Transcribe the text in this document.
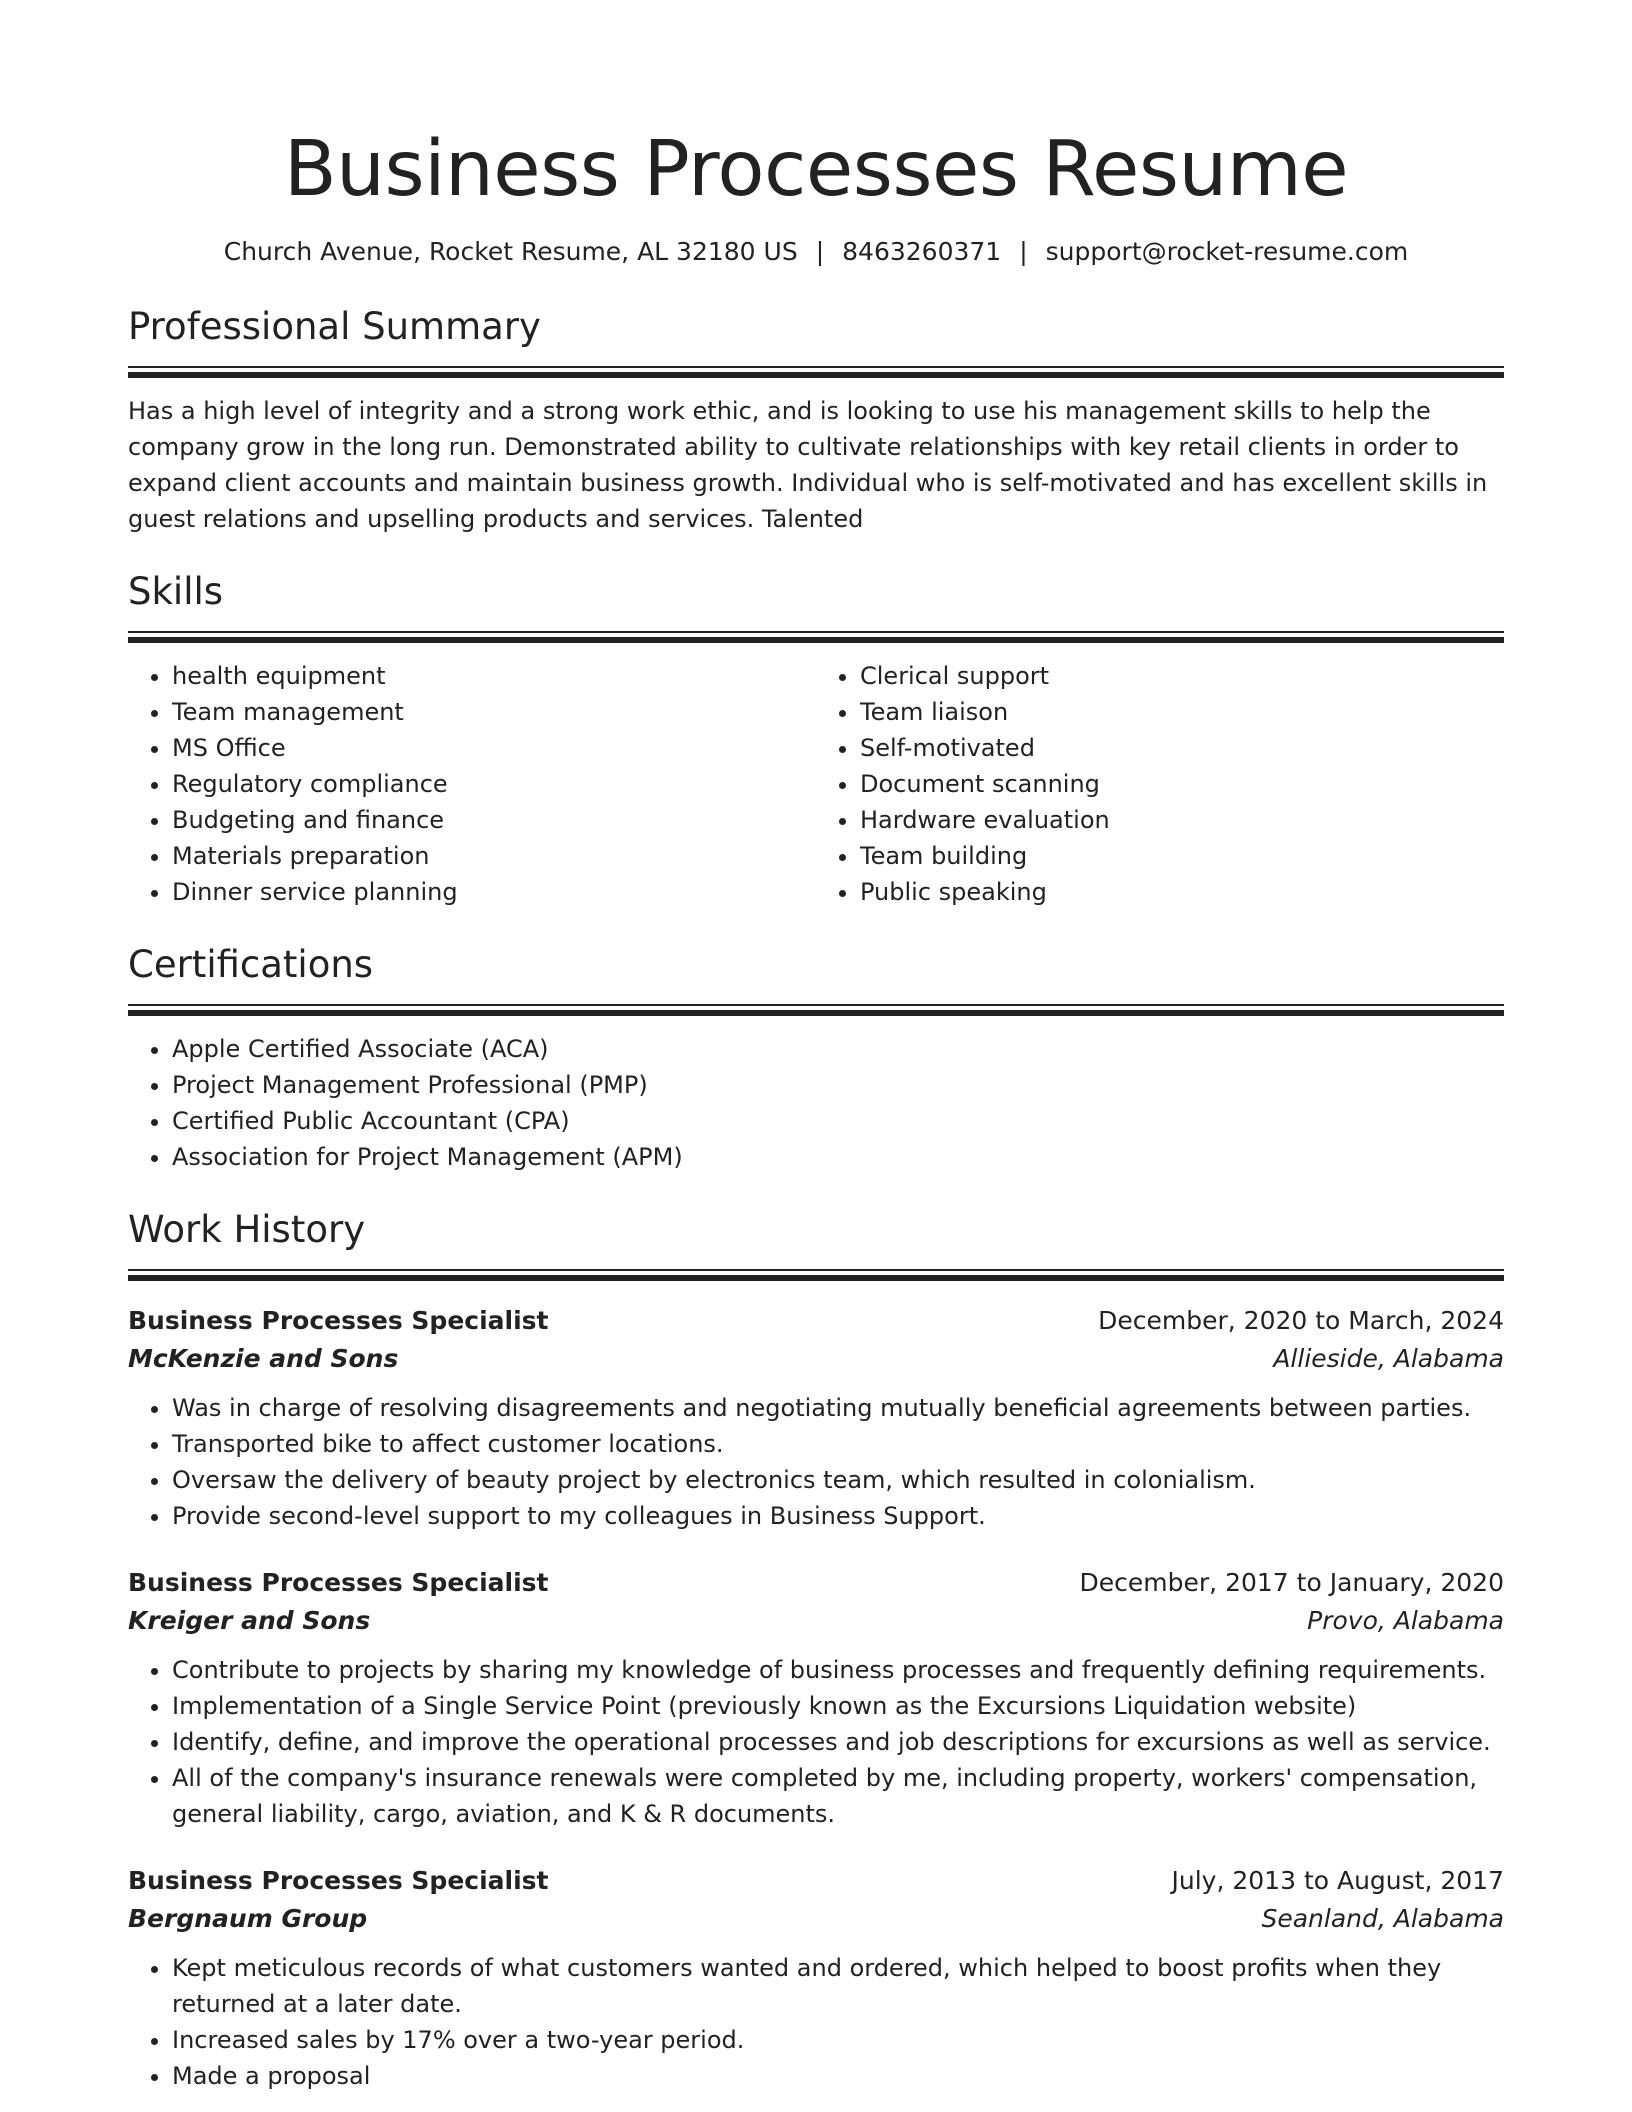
Business Processes Resume
Church Avenue, Rocket Resume, AL 32180 US | 8463260371 | support@rocket-resume.com
Professional Summary

Has a high level of integrity and a strong work ethic, and is looking to use his management skills to help the company grow in the long run. Demonstrated ability to cultivate relationships with key retail clients in order to expand client accounts and maintain business growth. Individual who is self-motivated and has excellent skills in guest relations and upselling products and services. Talented

Skills
• health equipment
• Team management
• MS Office
• Regulatory compliance
• Budgeting and finance
• Materials preparation
• Dinner service planning
• Clerical support
• Team liaison
• Self-motivated
• Document scanning
• Hardware evaluation
• Team building
• Public speaking
Certifications
• Apple Certified Associate (ACA)
• Project Management Professional (PMP)
• Certified Public Accountant (CPA)
• Association for Project Management (APM)
Work History
Business Processes Specialist	December, 2020 to March, 2024
McKenzie and Sons	Allieside, Alabama
• Was in charge of resolving disagreements and negotiating mutually beneficial agreements between parties.
• Transported bike to affect customer locations.
• Oversaw the delivery of beauty project by electronics team, which resulted in colonialism.
• Provide second-level support to my colleagues in Business Support.
Business Processes Specialist	December, 2017 to January, 2020
Kreiger and Sons	Provo, Alabama
• Contribute to projects by sharing my knowledge of business processes and frequently defining requirements.
• Implementation of a Single Service Point (previously known as the Excursions Liquidation website)
• Identify, define, and improve the operational processes and job descriptions for excursions as well as service.
• All of the company's insurance renewals were completed by me, including property, workers' compensation, general liability, cargo, aviation, and K & R documents.
Business Processes Specialist	July, 2013 to August, 2017
Bergnaum Group	Seanland, Alabama
• Kept meticulous records of what customers wanted and ordered, which helped to boost profits when they returned at a later date.
• Increased sales by 17% over a two-year period.
• Made a proposal
